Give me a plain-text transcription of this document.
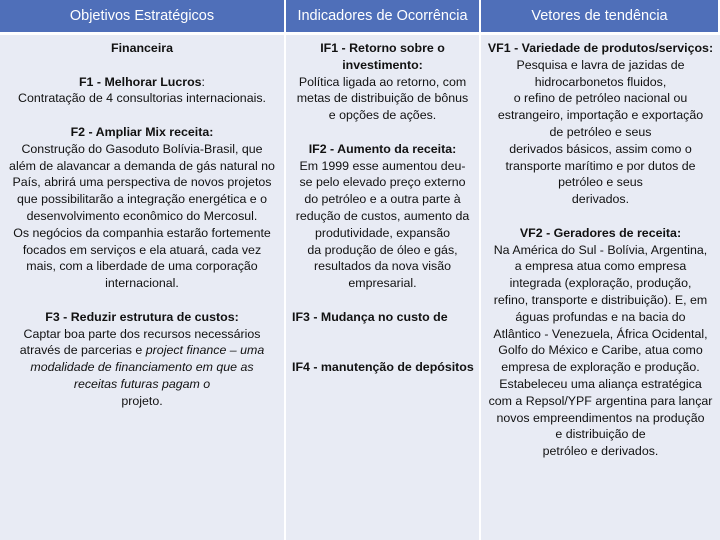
Objetivos Estratégicos	Indicadores de Ocorrência	Vetores de tendência
Financeira
F1 - Melhorar Lucros:
Contratação de 4 consultorias internacionais.
F2 - Ampliar Mix receita:
Construção do Gasoduto Bolívia-Brasil, que
além de alavancar a demanda de gás natural no
País, abrirá uma perspectiva de novos projetos
que possibilitarão a integração energética e o
desenvolvimento econômico do Mercosul.
Os negócios da companhia estarão fortemente
focados em serviços e ela atuará, cada vez
mais, com a liberdade de uma corporação
internacional.
F3 - Reduzir estrutura de custos:
Captar boa parte dos recursos necessários
através de parcerias e project finance – uma
modalidade de financiamento em que as
receitas futuras pagam o
projeto.
IF1 - Retorno sobre o
investimento:
Política ligada ao retorno, com
metas de distribuição de bônus
e opções de ações.
IF2 - Aumento da receita:
Em 1999 esse aumentou deu-
se pelo elevado preço externo
do petróleo e a outra parte à
redução de custos, aumento da
produtividade, expansão
da produção de óleo e gás,
resultados da nova visão
empresarial.
IF3 - Mudança no custo de
IF4 - manutenção de depósitos
VF1 - Variedade de produtos/serviços:
Pesquisa e lavra de jazidas de
hidrocarbonetos fluidos,
o refino de petróleo nacional ou
estrangeiro, importação e exportação
de petróleo e seus
derivados básicos, assim como o
transporte marítimo e por dutos de
petróleo e seus
derivados.
VF2 - Geradores de receita:
Na América do Sul - Bolívia, Argentina,
a empresa atua como empresa
integrada (exploração, produção,
refino, transporte e distribuição). E, em
águas profundas e na bacia do
Atlântico - Venezuela, África Ocidental,
Golfo do México e Caribe, atua como
empresa de exploração e produção.
Estabeleceu uma aliança estratégica
com a Repsol/YPF argentina para lançar
novos empreendimentos na produção
e distribuição de
petróleo e derivados.
